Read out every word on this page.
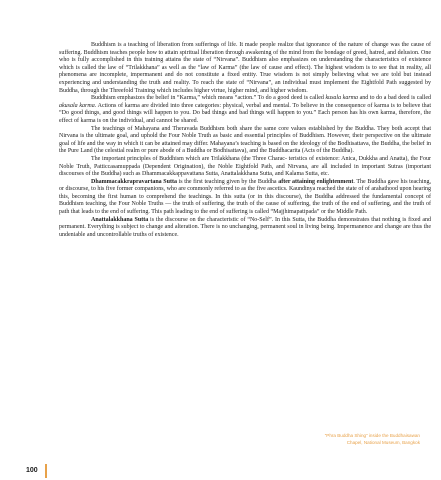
Buddhism is a teaching of liberation from sufferings of life. It made people realize that ignorance of the nature of change was the cause of suffering. Buddhism teaches people how to attain spiritual liberation through awakening of the mind from the bondage of greed, hatred, and delusion. One who is fully accomplished in this training attains the state of “Nirvana”. Buddhism also emphasizes on understanding the characteristics of existence which is called the law of “Trilakkhana” as well as the “law of Karma” (the law of cause and effect). The highest wisdom is to see that in reality, all phenomena are incomplete, impermanent and do not constitute a fixed entity. True wisdom is not simply believing what we are told but instead experiencing and understanding the truth and reality. To reach the state of “Nirvana”, an individual must implement the Eightfold Path suggested by Buddha, through the Threefold Training which includes higher virtue, higher mind, and higher wisdom.

Buddhism emphasizes the belief in “Karma,” which means “action.” To do a good deed is called kusala karma and to do a bad deed is called akusala karma. Actions of karma are divided into three categories: physical, verbal and mental. To believe in the consequence of karma is to believe that “Do good things, and good things will happen to you. Do bad things and bad things will happen to you.” Each person has his own karma, therefore, the effect of karma is on the individual, and cannot be shared.

The teachings of Mahayana and Theravada Buddhism both share the same core values established by the Buddha. They both accept that Nirvana is the ultimate goal, and uphold the Four Noble Truth as basic and essential principles of Buddhism. However, their perspective on the ultimate goal of life and the way in which it can be attained may differ. Mahayana’s teaching is based on the ideology of the Bodhisattava, the Buddha, the belief in the Pure Land (the celestial realm or pure abode of a Buddha or Bodhisattava), and the Buddhacarita (Acts of the Buddha).

The important principles of Buddhism which are Trilakkhana (the Three Charac- teristics of existence: Anica, Dukkha and Anatta), the Four Noble Truth, Patticcasamuppada (Dependent Origination), the Noble Eightfold Path, and Nirvana, are all included in important Sutras (important discourses of the Buddha) such as Dhammacakkappavattana Sutta, Anattalakkhana Sutta, and Kalama Sutta, etc.

Dhammacakkrapravartana Sutta is the first teaching given by the Buddha after attaining enlightenment. The Buddha gave his teaching, or discourse, to his five former companions, who are commonly referred to as the five ascetics. Kaundinya reached the state of of arahathood upon hearing this, becoming the first human to comprehend the teachings. In this sutta (or in this discourse), the Buddha addressed the fundamental concept of Buddhism teaching, the Four Noble Truths — the truth of suffering, the truth of the cause of suffering, the truth of the end of suffering, and the truth of path that leads to the end of suffering. This path leading to the end of suffering is called “Majjhimapatipada” or the Middle Path.

Anattalakkhana Sutta is the discourse on the characteristic of “No-Self”. In this Sutta, the Buddha demonstrates that nothing is fixed and permanent. Everything is subject to change and alteration. There is no unchanging, permanent soul in living being. Impermanence and change are thus the undeniable and uncontrollable truths of existence.

“Phra Buddha Shing” inside the Buddhaisawan
Chapel, National Museum, Bangkok
100
